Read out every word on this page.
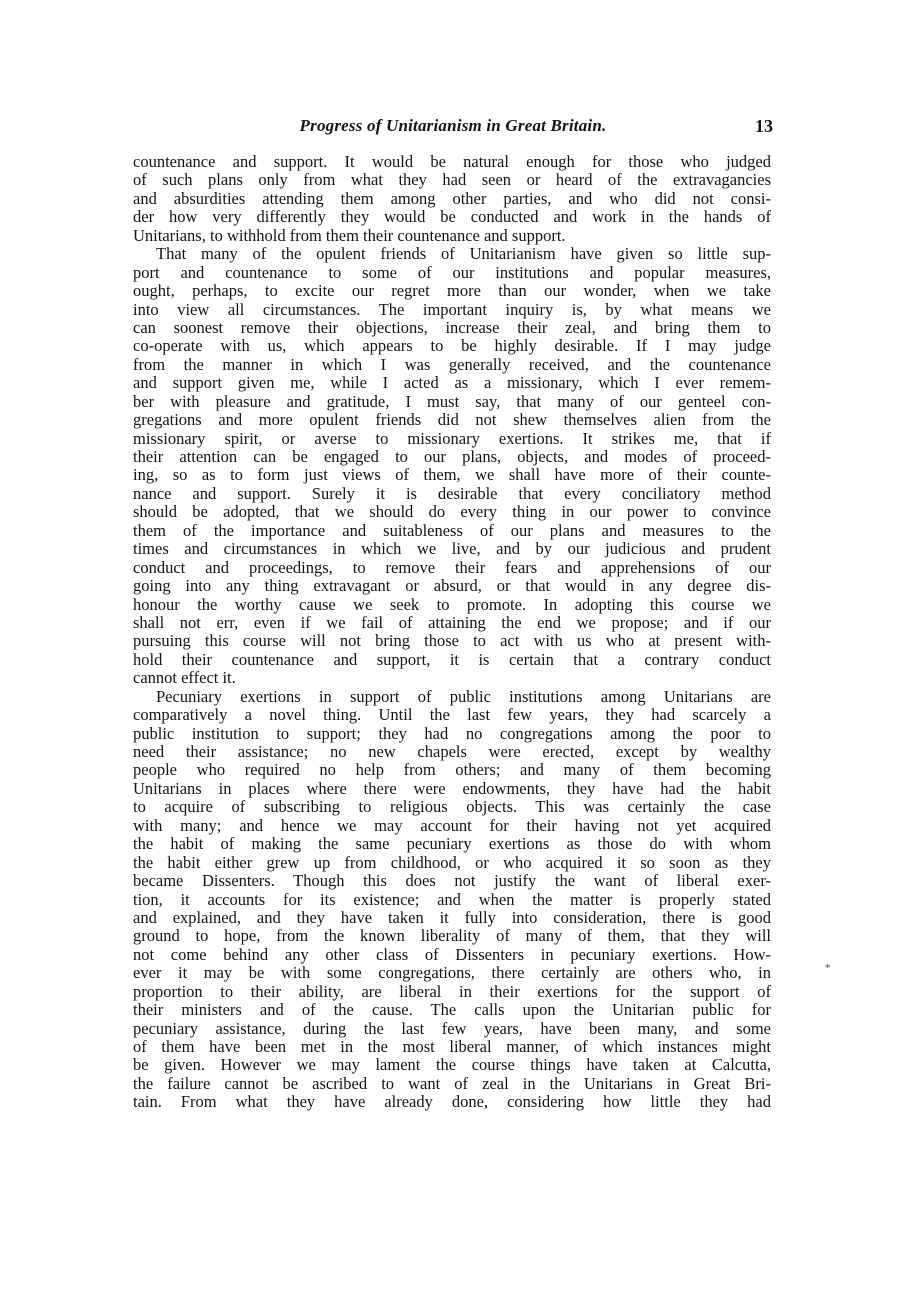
Progress of Unitarianism in Great Britain.	13
countenance and support. It would be natural enough for those who judged
of such plans only from what they had seen or heard of the extravagancies
and absurdities attending them among other parties, and who did not consi-
der how very differently they would be conducted and work in the hands of
Unitarians, to withhold from them their countenance and support.
That many of the opulent friends of Unitarianism have given so little sup-
port and countenance to some of our institutions and popular measures,
ought, perhaps, to excite our regret more than our wonder, when we take
into view all circumstances. The important inquiry is, by what means we
can soonest remove their objections, increase their zeal, and bring them to
co-operate with us, which appears to be highly desirable. If I may judge
from the manner in which I was generally received, and the countenance
and support given me, while I acted as a missionary, which I ever remem-
ber with pleasure and gratitude, I must say, that many of our genteel con-
gregations and more opulent friends did not shew themselves alien from the
missionary spirit, or averse to missionary exertions. It strikes me, that if
their attention can be engaged to our plans, objects, and modes of proceed-
ing, so as to form just views of them, we shall have more of their counte-
nance and support. Surely it is desirable that every conciliatory method
should be adopted, that we should do every thing in our power to convince
them of the importance and suitableness of our plans and measures to the
times and circumstances in which we live, and by our judicious and prudent
conduct and proceedings, to remove their fears and apprehensions of our
going into any thing extravagant or absurd, or that would in any degree dis-
honour the worthy cause we seek to promote. In adopting this course we
shall not err, even if we fail of attaining the end we propose; and if our
pursuing this course will not bring those to act with us who at present with-
hold their countenance and support, it is certain that a contrary conduct
cannot effect it.
Pecuniary exertions in support of public institutions among Unitarians are
comparatively a novel thing. Until the last few years, they had scarcely a
public institution to support; they had no congregations among the poor to
need their assistance; no new chapels were erected, except by wealthy
people who required no help from others; and many of them becoming
Unitarians in places where there were endowments, they have had the habit
to acquire of subscribing to religious objects. This was certainly the case
with many; and hence we may account for their having not yet acquired
the habit of making the same pecuniary exertions as those do with whom
the habit either grew up from childhood, or who acquired it so soon as they
became Dissenters. Though this does not justify the want of liberal exer-
tion, it accounts for its existence; and when the matter is properly stated
and explained, and they have taken it fully into consideration, there is good
ground to hope, from the known liberality of many of them, that they will
not come behind any other class of Dissenters in pecuniary exertions. How-
ever it may be with some congregations, there certainly are others who, in
proportion to their ability, are liberal in their exertions for the support of
their ministers and of the cause. The calls upon the Unitarian public for
pecuniary assistance, during the last few years, have been many, and some
of them have been met in the most liberal manner, of which instances might
be given. However we may lament the course things have taken at Calcutta,
the failure cannot be ascribed to want of zeal in the Unitarians in Great Bri-
tain. From what they have already done, considering how little they had
*
